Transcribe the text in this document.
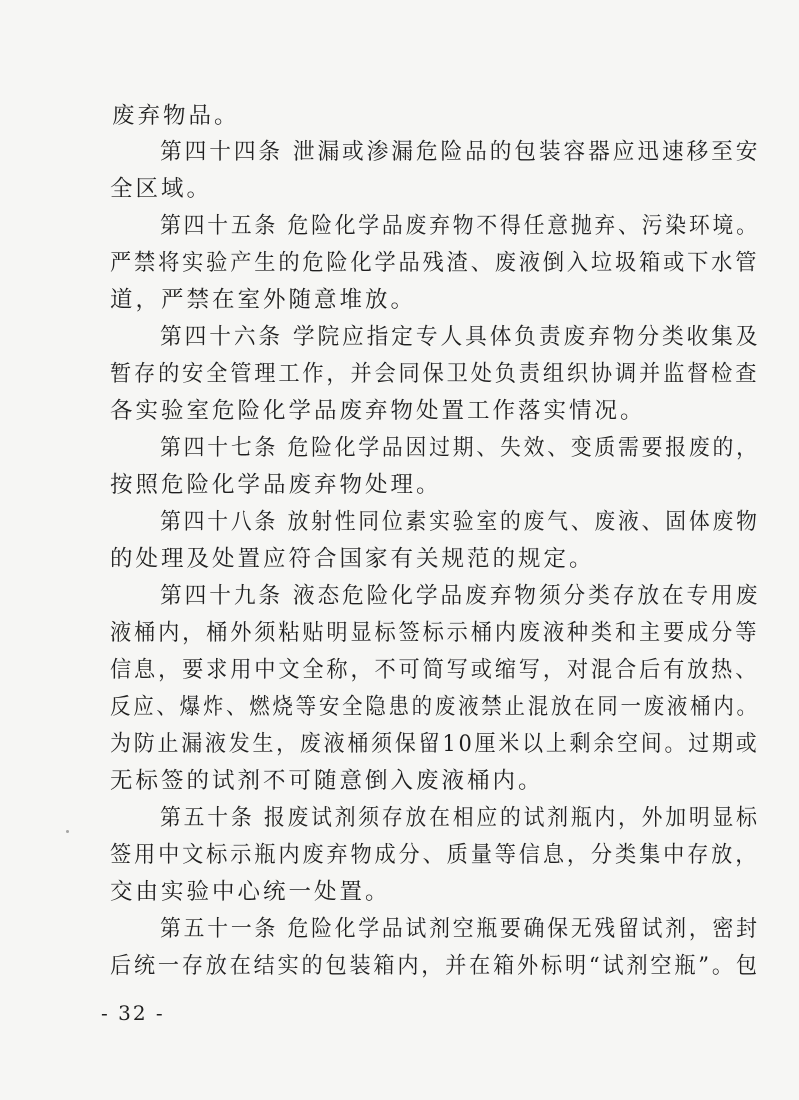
废弃物品。
第四十四条 泄漏或渗漏危险品的包装容器应迅速移至安
全区域。
第四十五条 危险化学品废弃物不得任意抛弃、污染环境。
严禁将实验产生的危险化学品残渣、废液倒入垃圾箱或下水管
道，严禁在室外随意堆放。
第四十六条 学院应指定专人具体负责废弃物分类收集及
暂存的安全管理工作，并会同保卫处负责组织协调并监督检查
各实验室危险化学品废弃物处置工作落实情况。
第四十七条 危险化学品因过期、失效、变质需要报废的，
按照危险化学品废弃物处理。
第四十八条 放射性同位素实验室的废气、废液、固体废物
的处理及处置应符合国家有关规范的规定。
第四十九条 液态危险化学品废弃物须分类存放在专用废
液桶内，桶外须粘贴明显标签标示桶内废液种类和主要成分等
信息，要求用中文全称，不可简写或缩写，对混合后有放热、
反应、爆炸、燃烧等安全隐患的废液禁止混放在同一废液桶内。
为防止漏液发生，废液桶须保留10厘米以上剩余空间。过期或
无标签的试剂不可随意倒入废液桶内。
第五十条 报废试剂须存放在相应的试剂瓶内，外加明显标
签用中文标示瓶内废弃物成分、质量等信息，分类集中存放，
交由实验中心统一处置。
第五十一条 危险化学品试剂空瓶要确保无残留试剂，密封
后统一存放在结实的包装箱内，并在箱外标明“试剂空瓶”。包
- 32 -
